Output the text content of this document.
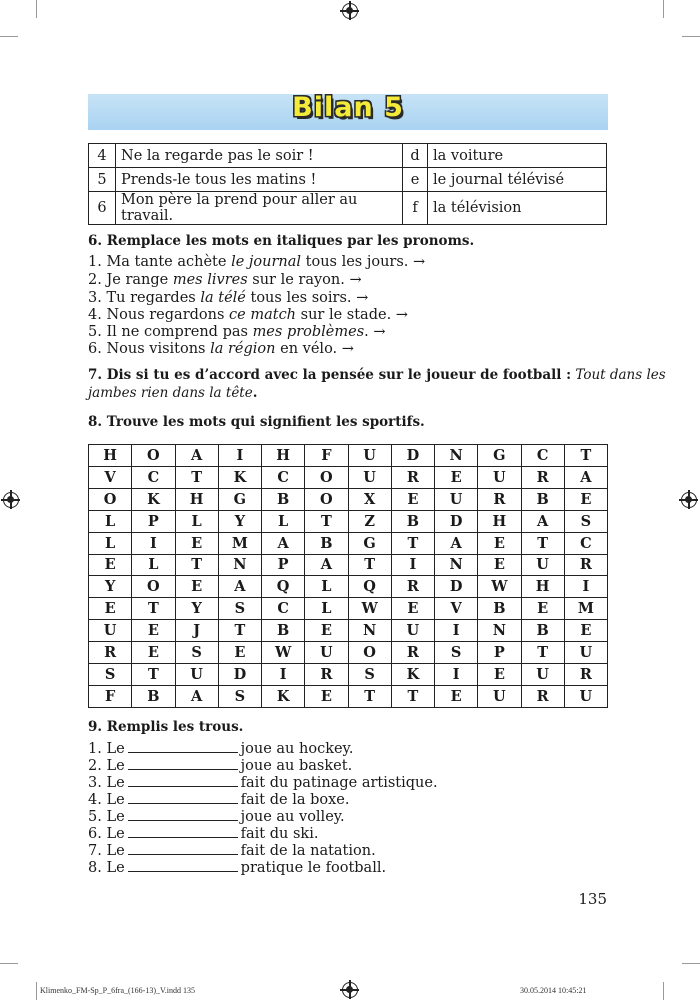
Bilan 5
4	Ne la regarde pas le soir !	d	la voiture
5	Prends-le tous les matins !	e	le journal télévisé
6	Mon père la prend pour aller au travail.	f	la télévision
6. Remplace les mots en italiques par les pronoms.
1. Ma tante achète le journal tous les jours. →
2. Je range mes livres sur le rayon. →
3. Tu regardes la télé tous les soirs. →
4. Nous regardons ce match sur le stade. →
5. Il ne comprend pas mes problèmes. →
6. Nous visitons la région en vélo. →
7. Dis si tu es d’accord avec la pensée sur le joueur de football : Tout dans les
jambes rien dans la tête.
8. Trouve les mots qui signifient les sportifs.
H	O	A	I	H	F	U	D	N	G	C	T
V	C	T	K	C	O	U	R	E	U	R	A
O	K	H	G	B	O	X	E	U	R	B	E
L	P	L	Y	L	T	Z	B	D	H	A	S
L	I	E	M	A	B	G	T	A	E	T	C
E	L	T	N	P	A	T	I	N	E	U	R
Y	O	E	A	Q	L	Q	R	D	W	H	I
E	T	Y	S	C	L	W	E	V	B	E	M
U	E	J	T	B	E	N	U	I	N	B	E
R	E	S	E	W	U	O	R	S	P	T	U
S	T	U	D	I	R	S	K	I	E	U	R
F	B	A	S	K	E	T	T	E	U	R	U
9. Remplis les trous.
1. Le	joue au hockey.
2. Le	joue au basket.
3. Le	fait du patinage artistique.
4. Le	fait de la boxe.
5. Le	joue au volley.
6. Le	fait du ski.
7. Le	fait de la natation.
8. Le	pratique le football.
135
Klimenko_FM-Sp_P_6fra_(166-13)_V.indd 135	30.05.2014 10:45:21
